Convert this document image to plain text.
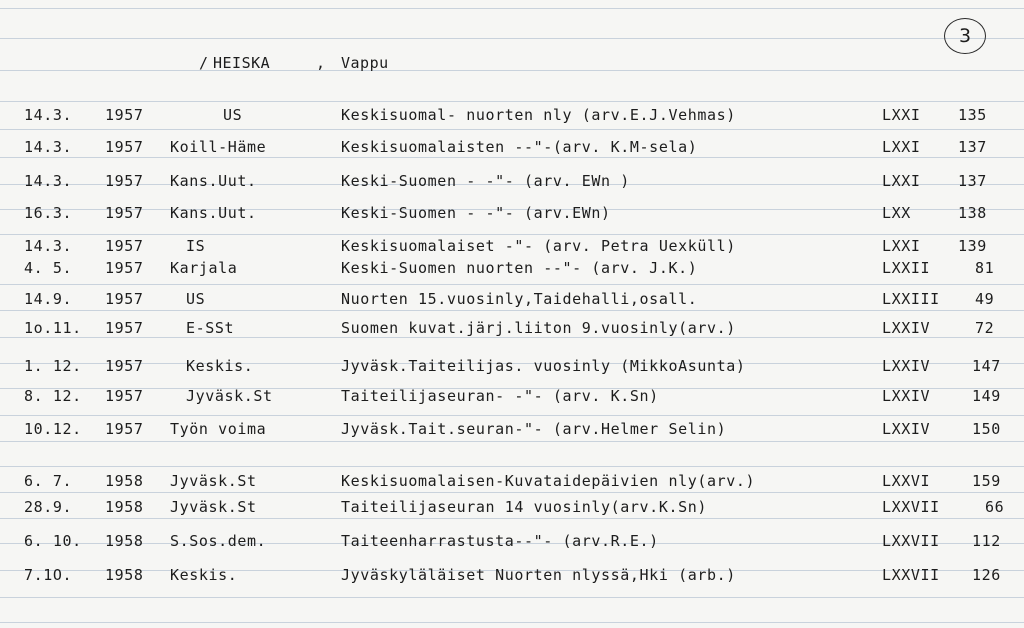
3
/ HEISKA	, Vappu
14.3. 1957	US	Keskisuomal- nuorten nly (arv.E.J.Vehmas)	LXXI 135
14.3. 1957 Koill-Häme	Keskisuomalaisten --"-(arv. K.M-sela)	LXXI 137
14.3. 1957 Kans.Uut.	Keski-Suomen - -"- (arv. EWn )	LXXI 137
16.3. 1957 Kans.Uut.	Keski-Suomen - -"- (arv.EWn)	LXX	138
14.3. 1957	IS	Keskisuomalaiset -"- (arv. Petra Uexküll)	LXXI 139
4. 5. 1957 Karjala	Keski-Suomen nuorten --"- (arv. J.K.)	LXXII	81
14.9. 1957	US	Nuorten 15.vuosinly,Taidehalli,osall.	LXXIII 49
1o.11. 1957	E-SSt	Suomen kuvat.järj.liiton 9.vuosinly(arv.)	LXXIV	72
1. 12. 1957	Keskis.	Jyväsk.Taiteilijas. vuosinly (MikkoAsunta)	LXXIV	147
8. 12. 1957	Jyväsk.St	Taiteilijaseuran- -"- (arv. K.Sn)	LXXIV	149
10.12. 1957 Työn voima	Jyväsk.Tait.seuran-"- (arv.Helmer Selin)	LXXIV	150
6. 7. 1958 Jyväsk.St	Keskisuomalaisen-Kuvataidepäivien nly(arv.)	LXXVI	159
28.9. 1958 Jyväsk.St	Taiteilijaseuran 14 vuosinly(arv.K.Sn)	LXXVII	66
6. 10. 1958 S.Sos.dem.	Taiteenharrastusta--"- (arv.R.E.)	LXXVII 112
7.1O. 1958 Keskis.	Jyväskyläläiset Nuorten nlyssä,Hki (arb.)	LXXVII 126
